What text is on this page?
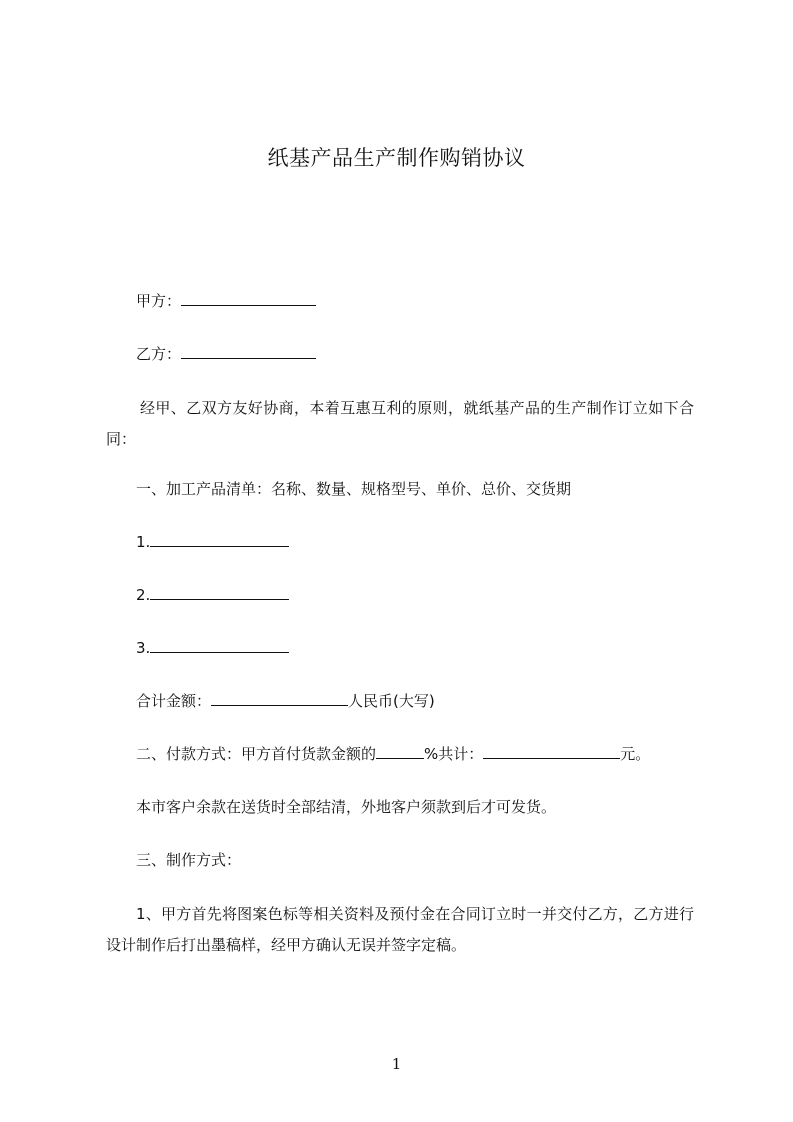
纸基产品生产制作购销协议
甲方：
乙方：
经甲、乙双方友好协商，本着互惠互利的原则，就纸基产品的生产制作订立如下合同：
一、加工产品清单：名称、数量、规格型号、单价、总价、交货期
1.
2.
3.
合计金额：	人民币(大写)
二、付款方式：甲方首付货款金额的	%共计：	元。
本市客户余款在送货时全部结清，外地客户须款到后才可发货。
三、制作方式：
1、甲方首先将图案色标等相关资料及预付金在合同订立时一并交付乙方，乙方进行设计制作后打出墨稿样，经甲方确认无误并签字定稿。
1
